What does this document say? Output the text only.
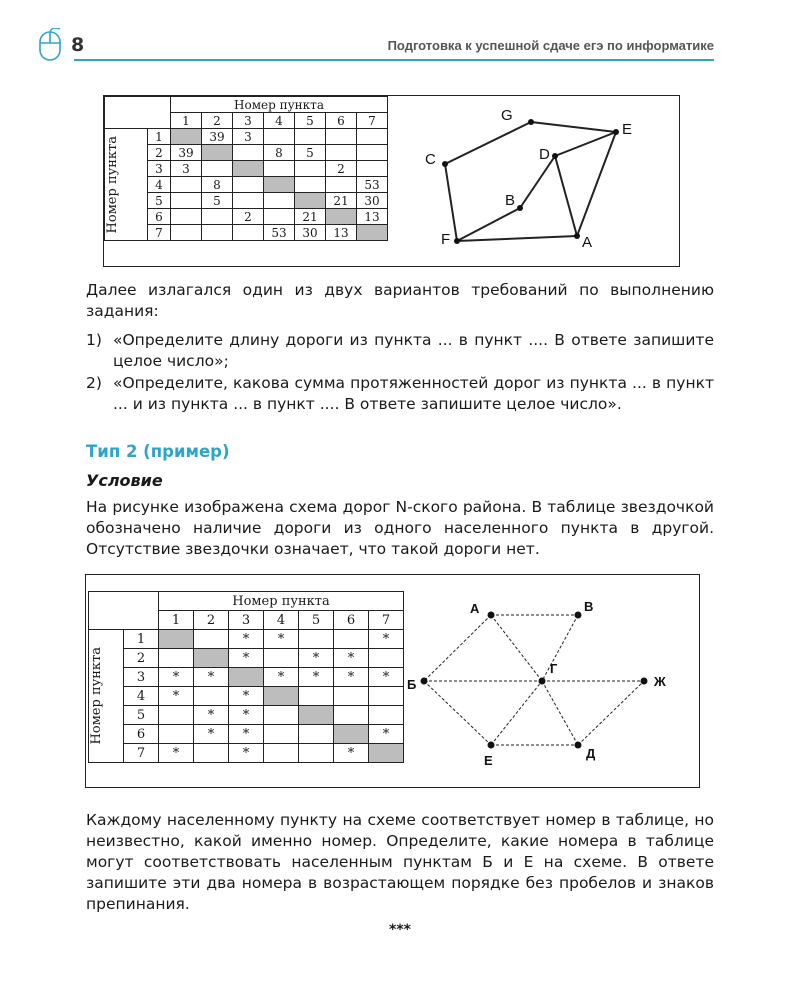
8	Подготовка к успешной сдаче егэ по информатике
		Номер пункта						
		1	2	3	4	5	6	7

Номер пункта	1		39	3				
	2	39			8	5		
	3	3					2	
	4		8					53
	5		5				21	30
	6			2		21		13
	7				53	30	13	
G
E
C	D
B
F	A
Далее излагался один из двух вариантов требований по выполнению задания:
1) «Определите длину дороги из пункта ... в пункт .... В ответе запишите целое число»;
2) «Определите, какова сумма протяженностей дорог из пункта ... в пункт ... и из пункта ... в пункт .... В ответе запишите целое число».
Тип 2 (пример)
Условие
На рисунке изображена схема дорог N-ского района. В таблице звездочкой обозначено наличие дороги из одного населенного пункта в другой. Отсутствие звездочки означает, что такой дороги нет.
		Номер пункта						
		1	2	3	4	5	6	7

Номер пункта	1			*	*			*
	2			*		*	*	
	3	*	*		*	*	*	*
	4	*		*				
	5		*	*				
	6		*	*				*
	7	*		*			*	
А	В
Б
Г
Ж
Е	Д
Каждому населенному пункту на схеме соответствует номер в таблице, но неизвестно, какой именно номер. Определите, какие номера в таблице могут соответствовать населенным пунктам Б и Е на схеме. В ответе запишите эти два номера в возрастающем порядке без пробелов и знаков препинания.
***
